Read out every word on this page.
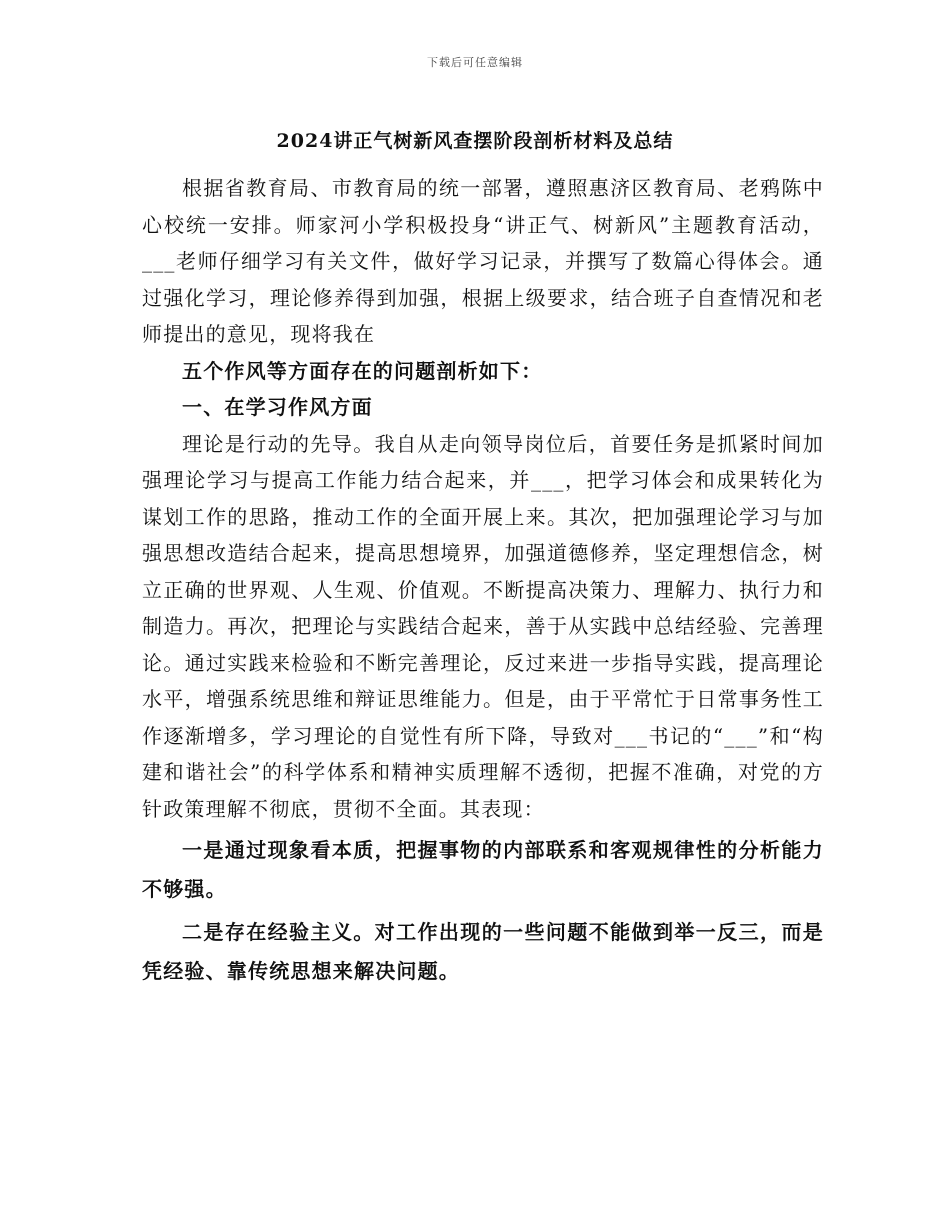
下载后可任意编辑
2024讲正气树新风查摆阶段剖析材料及总结

根据省教育局、市教育局的统一部署，遵照惠济区教育局、老鸦陈中心校统一安排。师家河小学积极投身“讲正气、树新风”主题教育活动，___老师仔细学习有关文件，做好学习记录，并撰写了数篇心得体会。通过强化学习，理论修养得到加强，根据上级要求，结合班子自查情况和老师提出的意见，现将我在

五个作风等方面存在的问题剖析如下：

一、在学习作风方面

理论是行动的先导。我自从走向领导岗位后，首要任务是抓紧时间加强理论学习与提高工作能力结合起来，并___，把学习体会和成果转化为谋划工作的思路，推动工作的全面开展上来。其次，把加强理论学习与加强思想改造结合起来，提高思想境界，加强道德修养，坚定理想信念，树立正确的世界观、人生观、价值观。不断提高决策力、理解力、执行力和制造力。再次，把理论与实践结合起来，善于从实践中总结经验、完善理论。通过实践来检验和不断完善理论，反过来进一步指导实践，提高理论水平，增强系统思维和辩证思维能力。但是，由于平常忙于日常事务性工作逐渐增多，学习理论的自觉性有所下降，导致对___书记的“___”和“构建和谐社会”的科学体系和精神实质理解不透彻，把握不准确，对党的方针政策理解不彻底，贯彻不全面。其表现：

一是通过现象看本质，把握事物的内部联系和客观规律性的分析能力不够强。

二是存在经验主义。对工作出现的一些问题不能做到举一反三，而是凭经验、靠传统思想来解决问题。
